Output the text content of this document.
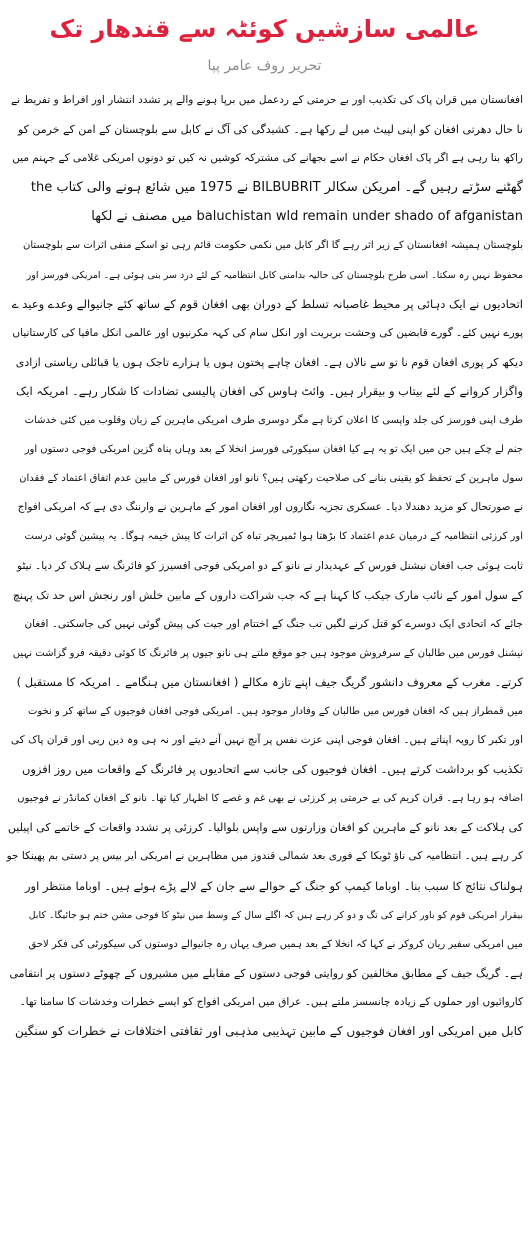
عالمی سازشیں کوئٹہ سے قندھار تک
تحریر روف عامر پپا
افغانستان میں قران پاک کی تکذیب اور بے حرمتی کے ردعمل میں برپا ہونے والے پر تشدد انتشار اور افراط و تفریط نے
نا حال دھرتی افغان کو اپنی لپیٹ میں لے رکھا ہے۔ کشیدگی کی آگ نے کابل سے بلوچستان کے امن کے خرمن کو
راکھ بنا رہی ہے اگر پاک افغان حکام نے اسے بجھانے کی مشترکہ کوشیں نہ کیں تو دونوں امریکی غلامی کے جہنم میں
گھٹنے سڑتے رہیں گے۔ امریکن سکالر BILBUBRIT نے 1975 میں شائع ہونے والی کتاب the
baluchistan wld remain under shado of afganistan میں مصنف نے لکھا
بلوچستان ہمیشہ افغانستان کے زیر اثر رہے گا اگر کابل میں نکمی حکومت قائم رہی تو اسکے منفی اثرات سے بلوچستان
محفوظ نہیں رہ سکتا۔ اسی طرح بلوچستان کی حالیہ بدامنی کابل انتظامیہ کے لئے درد سر بنی ہوئی ہے۔ امریکی فورسز اور
اتحادیوں نے ایک دہائی پر محیط غاصبانہ تسلط کے دوران بھی افغان قوم کے ساتھ کئے جانیوالے وعدے وعید ے
پورے نہیں کئے۔ گورے قابضین کی وحشت بربریت اور انکل سام کی کہہ مکرنیوں اور عالمی انکل مافیا کی کارستانیاں
دیکھ کر پوری افغان قوم نا تو سے نالاں ہے۔ افغان چاہے پختون ہوں یا ہزارے تاجک ہوں یا قبائلی ریاستی ازادی
واگزار کروانے کے لئے بیتاب و بیقرار ہیں۔ وائٹ ہاوس کی افغان پالیسی تضادات کا شکار رہے۔ امریکہ ایک
طرف اپنی فورسز کی جلد واپسی کا اعلان کرتا ہے مگر دوسری طرف امریکی ماہرین کے زبان وقلوب میں کئی خدشات
جنم لے چکے ہیں جن میں ایک تو یہ ہے کیا افغان سیکورٹی فورسز انخلا کے بعد وہاں پناہ گزین امریکی فوجی دستوں اور
سول ماہرین کے تحفظ کو یقینی بنانے کی صلاحیت رکھتی ہیں؟ نانو اور افغان فورس کے مابین عدم اتفاق اعتماد کے فقدان
نے صورتحال کو مزید دھندلا دیا۔ عسکری تجزیہ نگاروں اور افغان امور کے ماہرین نے وارننگ دی ہے کہ امریکی افواج
اور کرزئی انتظامیہ کے درمیان عدم اعتماد کا بڑھتا ہوا ٹمپریچر تباہ کن اثرات کا پیش خیمہ ہوگا۔ یہ پیشین گوئی درست
ثابت ہوئی جب افغان نیشنل فورس کے عہدیدار نے نانو کے دو امریکی فوجی افسیرز کو فائرنگ سے ہلاک کر دیا۔ نیٹو
کے سول امور کے نائب مارک جیکب کا کہنا ہے کہ جب شراکت داروں کے مابین خلش اور رنجش اس حد تک پہنچ
جائے کہ اتحادی ایک دوسرے کو قتل کرنے لگیں تب جنگ کے اختتام اور جیت کی پیش گوئی نہیں کی جاسکتی۔ افغان
نیشنل فورس میں طالبان کے سرفروش موجود ہیں جو موقع ملتے ہی نانو جیوں پر فائرنگ کا کوئی دقیقہ فرو گزاشت نہیں
کرتے۔ مغرب کے معروف دانشور گریگ جیف اپنے تازہ مکالے ( افغانستان میں ہنگامے ۔ امریکہ کا مستقبل )
میں قمطراز ہیں کہ افغان فورس میں طالبان کے وفادار موجود ہیں۔ امریکی فوجی افغان فوجیوں کے ساتھ کر و نخوت
اور تکبر کا رویہ اپناتے ہیں۔ افغان فوجی اپنی عزت نفس پر آنچ نہیں آنے دیتے اور نہ ہی وہ دین ربی اور قران پاک کی
تکذیب کو برداشت کرتے ہیں۔ افغان فوجیوں کی جانب سے اتحادیوں پر فائرنگ کے واقعات میں روز افزوں
اضافہ ہو رہا ہے۔ قران کریم کی بے حرمتی پر کرزئی نے بھی غم و غصے کا اظہار کیا تھا۔ نانو کے افغان کمانڈر نے فوجیوں
کی ہلاکت کے بعد نانو کے ماہرین کو افغان وزارتوں سے واپس بلوالیا۔ کرزئی پر تشدد واقعات کے خاتمے کی اپیلیں
کر رہے ہیں۔ انتظامیہ کی ناؤ ٹوبکا کے فوری بعد شمالی قندوز میں مظاہرین نے امریکی ایر بیس پر دستی بم پھینکا جو
ہولناک نتائج کا سبب بنا۔ اوباما کیمپ کو جنگ کے حوالے سے جان کے لالے پڑے ہوئے ہیں۔ اوباما منتظر اور
بیقرار امریکی قوم کو باور کرانے کی تگ و دو کر رہے ہیں کہ اگلے سال کے وسط میں نیٹو کا فوجی مشن ختم ہو جائیگا۔ کابل
میں امریکی سفیر ریان کروکر نے کہا کہ انخلا کے بعد ہمیں صرف یہاں رہ جانیوالے دوستوں کی سیکورٹی کی فکر لاحق
ہے۔ گریگ جیف کے مطابق مخالفین کو روایتی فوجی دستوں کے مقابلے میں مشیروں کے چھوٹے دستوں پر انتقامی
کاروائیوں اور حملوں کے زیادہ چانسسز ملتے ہیں۔ عراق میں امریکی افواج کو ایسے خطرات وخدشات کا سامنا تھا۔
کابل میں امریکی اور افغان فوجیوں کے مابین تہذیبی مذہبی اور ثقافتی اختلافات نے خطرات کو سنگین
